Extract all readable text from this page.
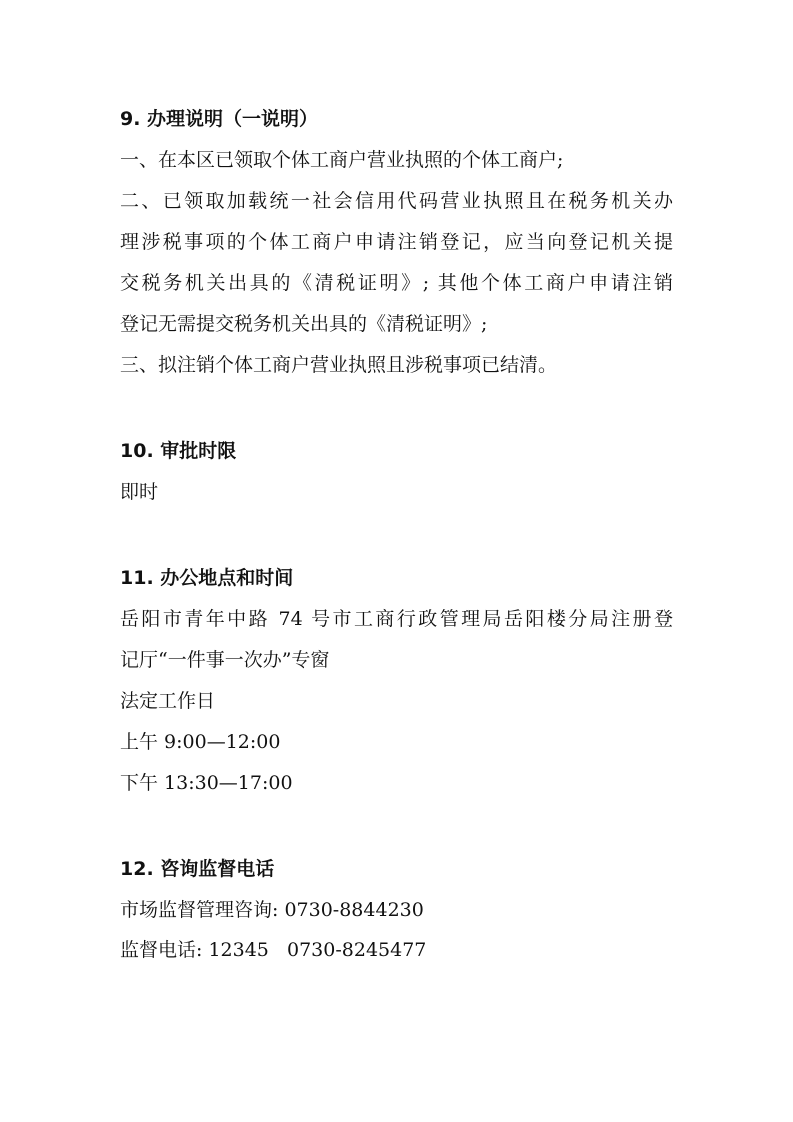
9. 办理说明（一说明）
一、在本区已领取个体工商户营业执照的个体工商户;
二、已领取加载统一社会信用代码营业执照且在税务机关办
理涉税事项的个体工商户申请注销登记，应当向登记机关提
交税务机关出具的《清税证明》; 其他个体工商户申请注销
登记无需提交税务机关出具的《清税证明》;
三、拟注销个体工商户营业执照且涉税事项已结清。
10. 审批时限
即时
11. 办公地点和时间
岳阳市青年中路 74 号市工商行政管理局岳阳楼分局注册登
记厅“一件事一次办”专窗
法定工作日
上午 9:00—12:00
下午 13:30—17:00
12. 咨询监督电话
市场监督管理咨询: 0730-8844230
监督电话: 12345   0730-8245477
